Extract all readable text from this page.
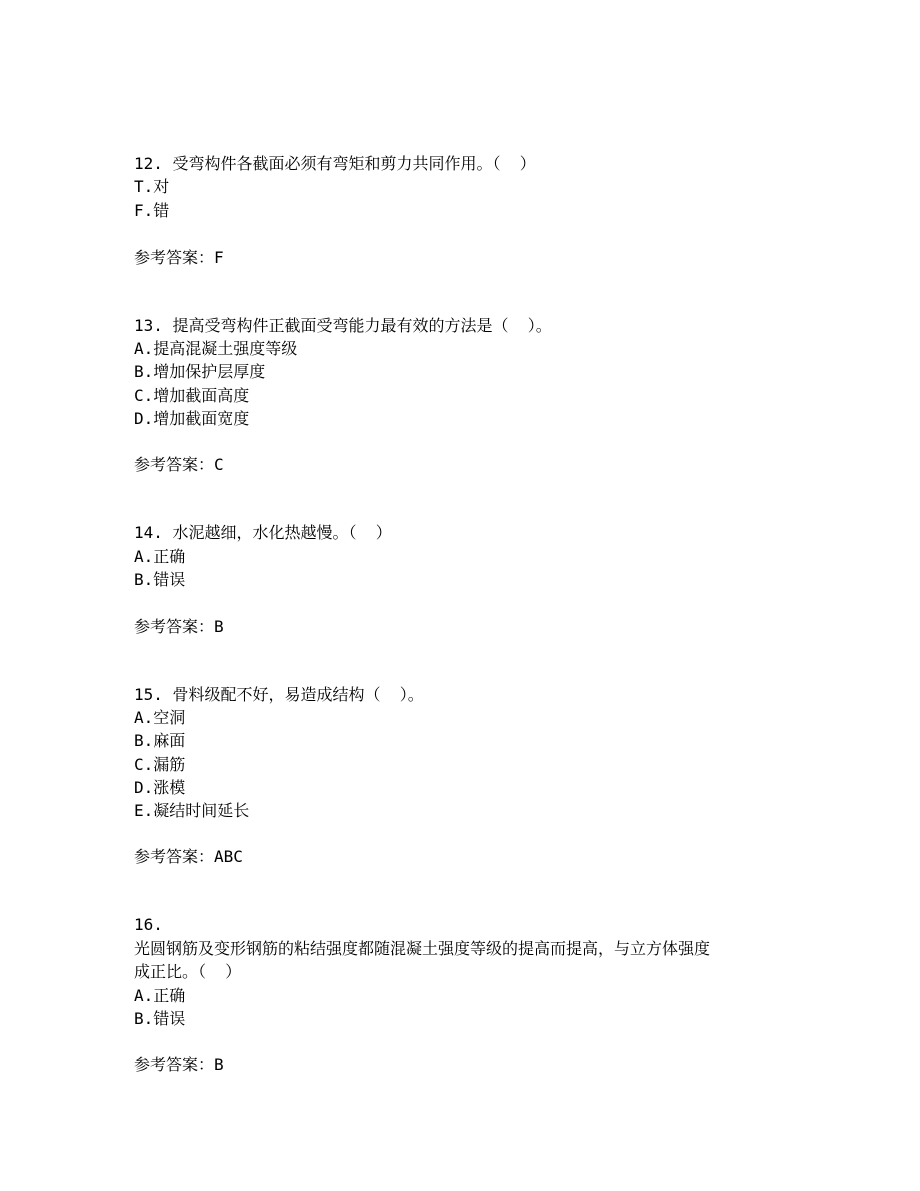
12. 受弯构件各截面必须有弯矩和剪力共同作用。（  ）
T.对
F.错
参考答案：F
13. 提高受弯构件正截面受弯能力最有效的方法是（  ）。
A.提高混凝土强度等级
B.增加保护层厚度
C.增加截面高度
D.增加截面宽度
参考答案：C
14. 水泥越细，水化热越慢。（  ）
A.正确
B.错误
参考答案：B
15. 骨料级配不好，易造成结构（  ）。
A.空洞
B.麻面
C.漏筋
D.涨模
E.凝结时间延长
参考答案：ABC
16.
光圆钢筋及变形钢筋的粘结强度都随混凝土强度等级的提高而提高，与立方体强度
成正比。（  ）
A.正确
B.错误
参考答案：B
